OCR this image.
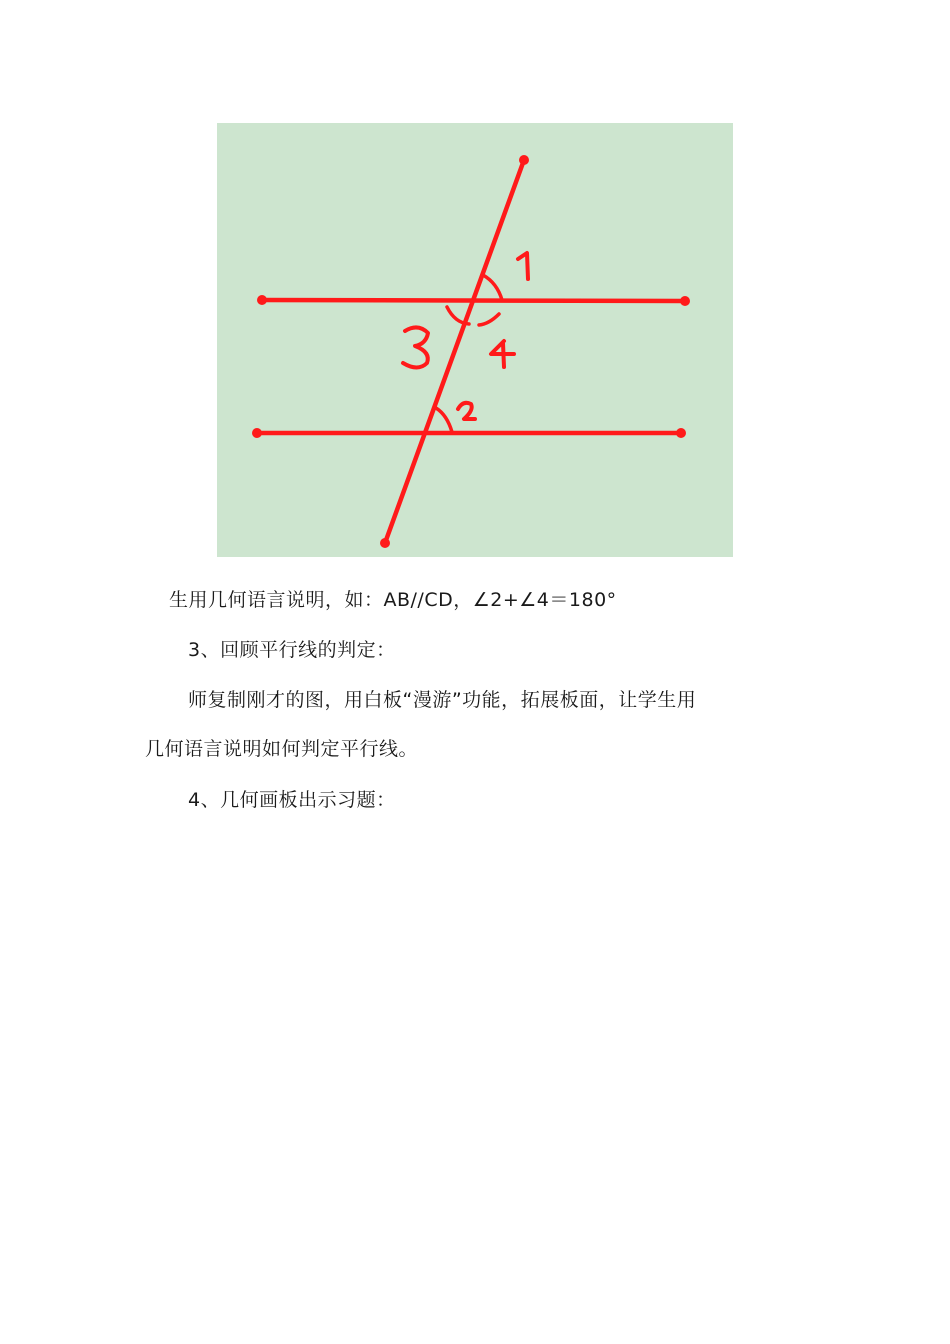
生用几何语言说明，如：AB//CD，∠2+∠4＝180°
3、回顾平行线的判定：
师复制刚才的图，用白板“漫游”功能，拓展板面，让学生用
几何语言说明如何判定平行线。
4、几何画板出示习题：
